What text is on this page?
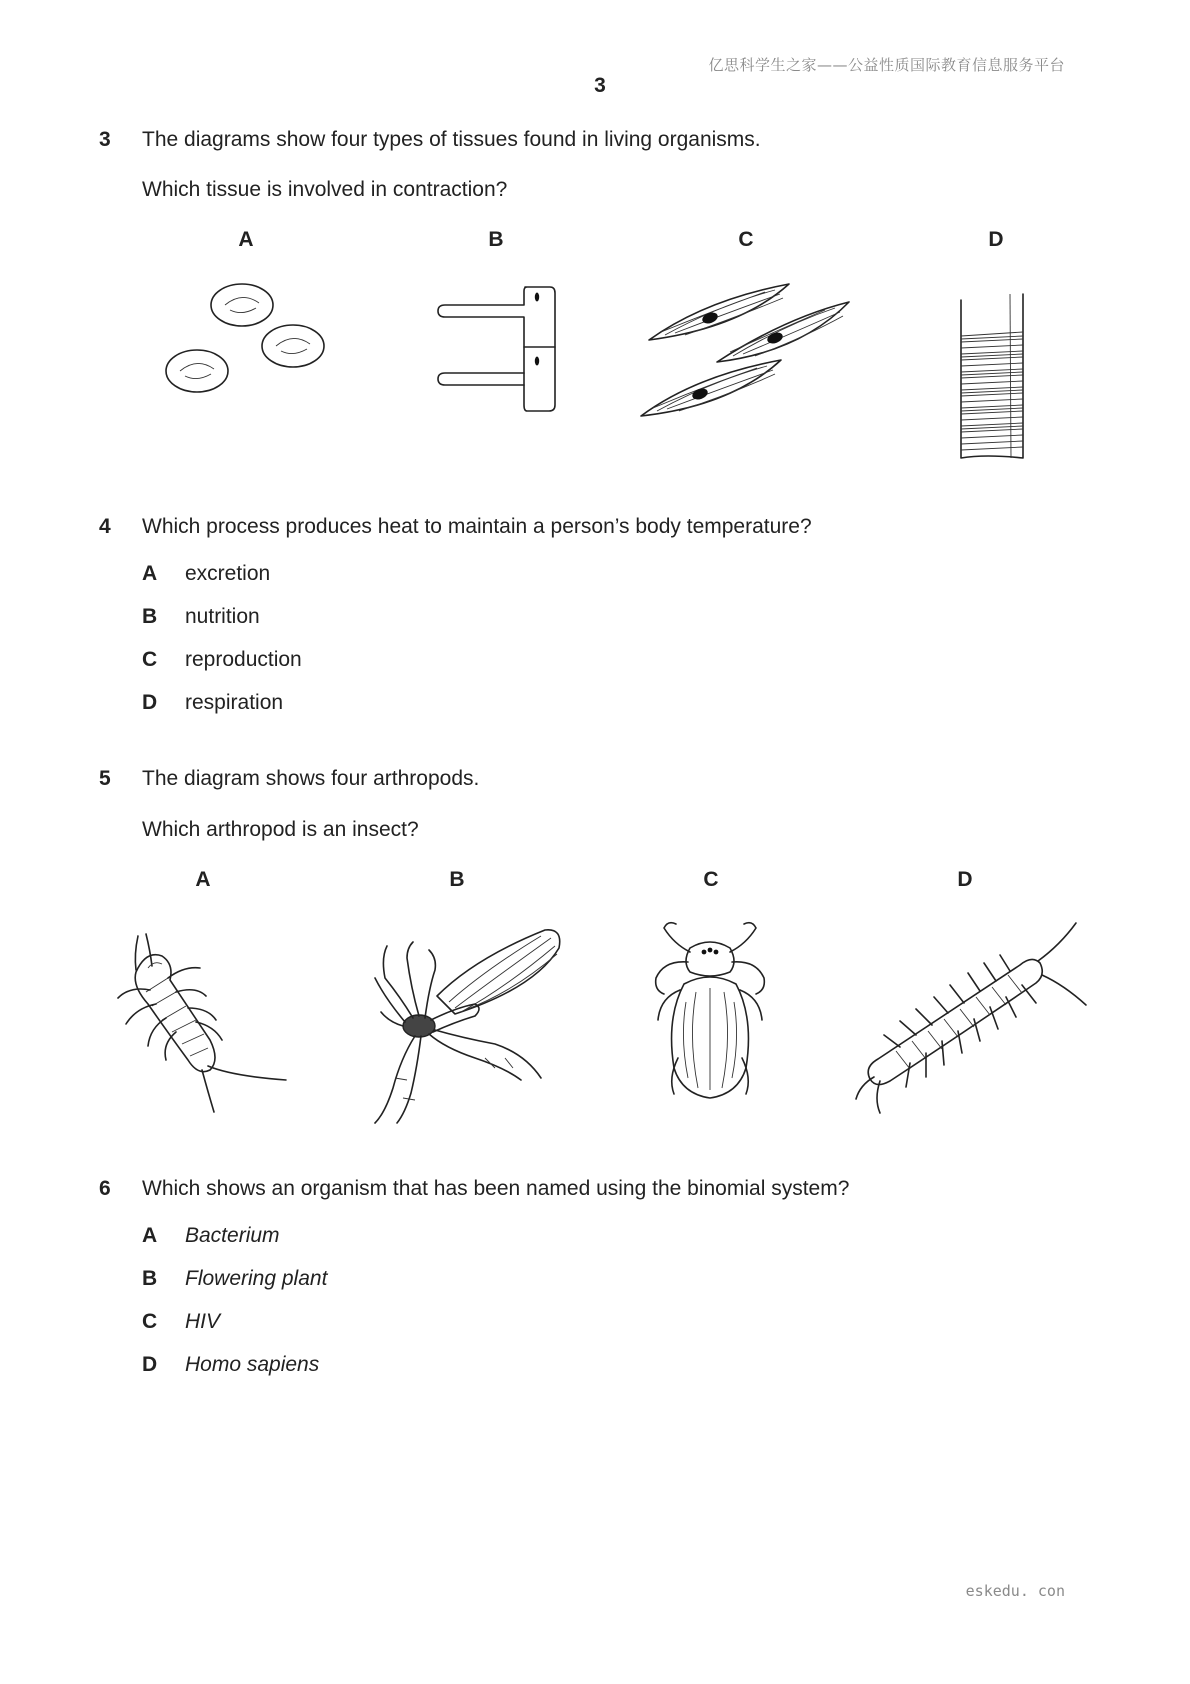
亿思科学生之家——公益性质国际教育信息服务平台
3
3 The diagrams show four types of tissues found in living organisms.
Which tissue is involved in contraction?
A	B	C	D
4 Which process produces heat to maintain a person’s body temperature?
A excretion
B nutrition
C reproduction
D respiration
5 The diagram shows four arthropods.
Which arthropod is an insect?
A	B	C	D
6 Which shows an organism that has been named using the binomial system?
A Bacterium
B Flowering plant
C HIV
D Homo sapiens
eskedu. con
